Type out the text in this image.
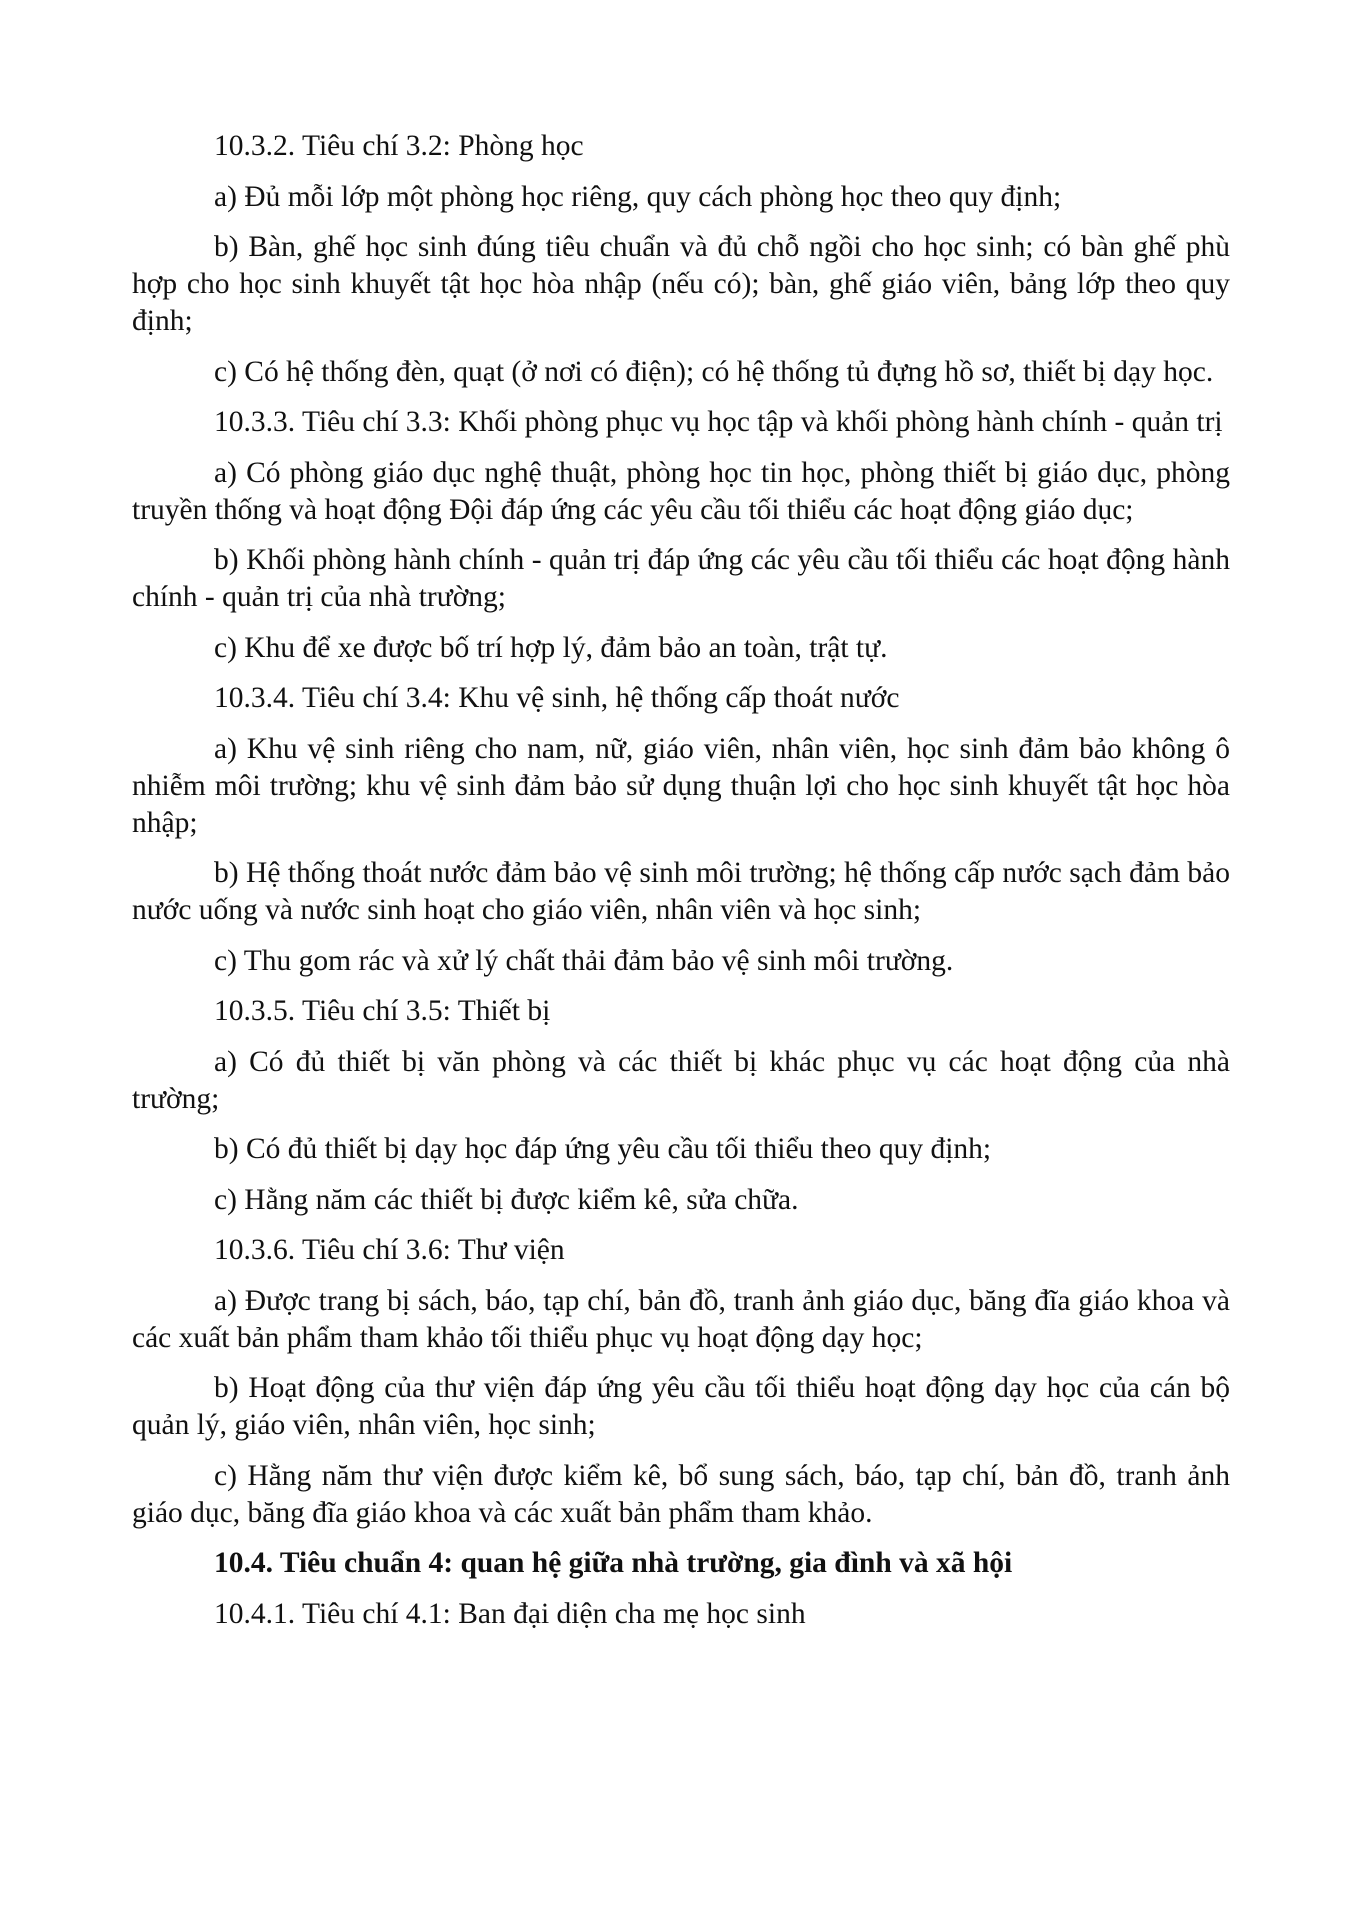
10.3.2. Tiêu chí 3.2: Phòng học

a) Đủ mỗi lớp một phòng học riêng, quy cách phòng học theo quy định;

b) Bàn, ghế học sinh đúng tiêu chuẩn và đủ chỗ ngồi cho học sinh; có bàn ghế phù hợp cho học sinh khuyết tật học hòa nhập (nếu có); bàn, ghế giáo viên, bảng lớp theo quy định;

c) Có hệ thống đèn, quạt (ở nơi có điện); có hệ thống tủ đựng hồ sơ, thiết bị dạy học.

10.3.3. Tiêu chí 3.3: Khối phòng phục vụ học tập và khối phòng hành chính - quản trị

a) Có phòng giáo dục nghệ thuật, phòng học tin học, phòng thiết bị giáo dục, phòng truyền thống và hoạt động Đội đáp ứng các yêu cầu tối thiểu các hoạt động giáo dục;

b) Khối phòng hành chính - quản trị đáp ứng các yêu cầu tối thiểu các hoạt động hành chính - quản trị của nhà trường;

c) Khu để xe được bố trí hợp lý, đảm bảo an toàn, trật tự.

10.3.4. Tiêu chí 3.4: Khu vệ sinh, hệ thống cấp thoát nước

a) Khu vệ sinh riêng cho nam, nữ, giáo viên, nhân viên, học sinh đảm bảo không ô nhiễm môi trường; khu vệ sinh đảm bảo sử dụng thuận lợi cho học sinh khuyết tật học hòa nhập;

b) Hệ thống thoát nước đảm bảo vệ sinh môi trường; hệ thống cấp nước sạch đảm bảo nước uống và nước sinh hoạt cho giáo viên, nhân viên và học sinh;

c) Thu gom rác và xử lý chất thải đảm bảo vệ sinh môi trường.

10.3.5. Tiêu chí 3.5: Thiết bị

a) Có đủ thiết bị văn phòng và các thiết bị khác phục vụ các hoạt động của nhà trường;

b) Có đủ thiết bị dạy học đáp ứng yêu cầu tối thiểu theo quy định;

c) Hằng năm các thiết bị được kiểm kê, sửa chữa.

10.3.6. Tiêu chí 3.6: Thư viện

a) Được trang bị sách, báo, tạp chí, bản đồ, tranh ảnh giáo dục, băng đĩa giáo khoa và các xuất bản phẩm tham khảo tối thiểu phục vụ hoạt động dạy học;

b) Hoạt động của thư viện đáp ứng yêu cầu tối thiểu hoạt động dạy học của cán bộ quản lý, giáo viên, nhân viên, học sinh;

c) Hằng năm thư viện được kiểm kê, bổ sung sách, báo, tạp chí, bản đồ, tranh ảnh giáo dục, băng đĩa giáo khoa và các xuất bản phẩm tham khảo.

10.4. Tiêu chuẩn 4: quan hệ giữa nhà trường, gia đình và xã hội

10.4.1. Tiêu chí 4.1: Ban đại diện cha mẹ học sinh
